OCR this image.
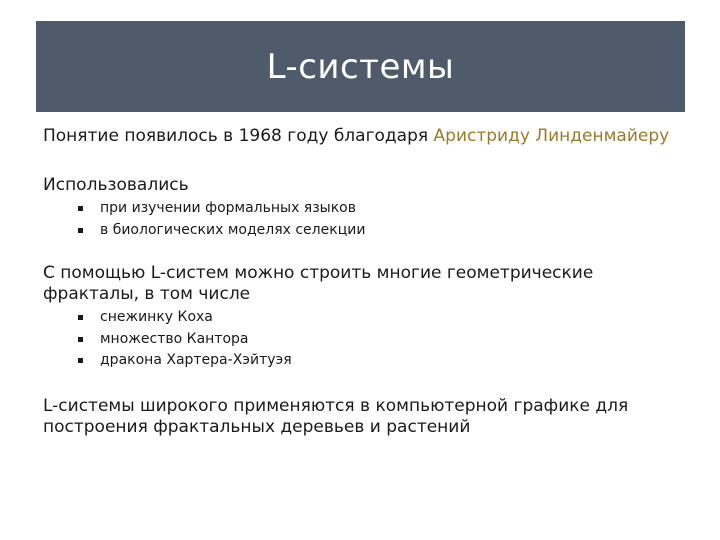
L-системы

Понятие появилось в 1968 году благодаря Аристриду Линденмайеру

Использовались

при изучении формальных языков
в биологических моделях селекции

С помощью L-систем можно строить многие геометрические фракталы, в том числе

снежинку Коха
множество Кантора
дракона Хартера-Хэйтуэя

L-системы широкого применяются в компьютерной графике для построения фрактальных деревьев и растений
